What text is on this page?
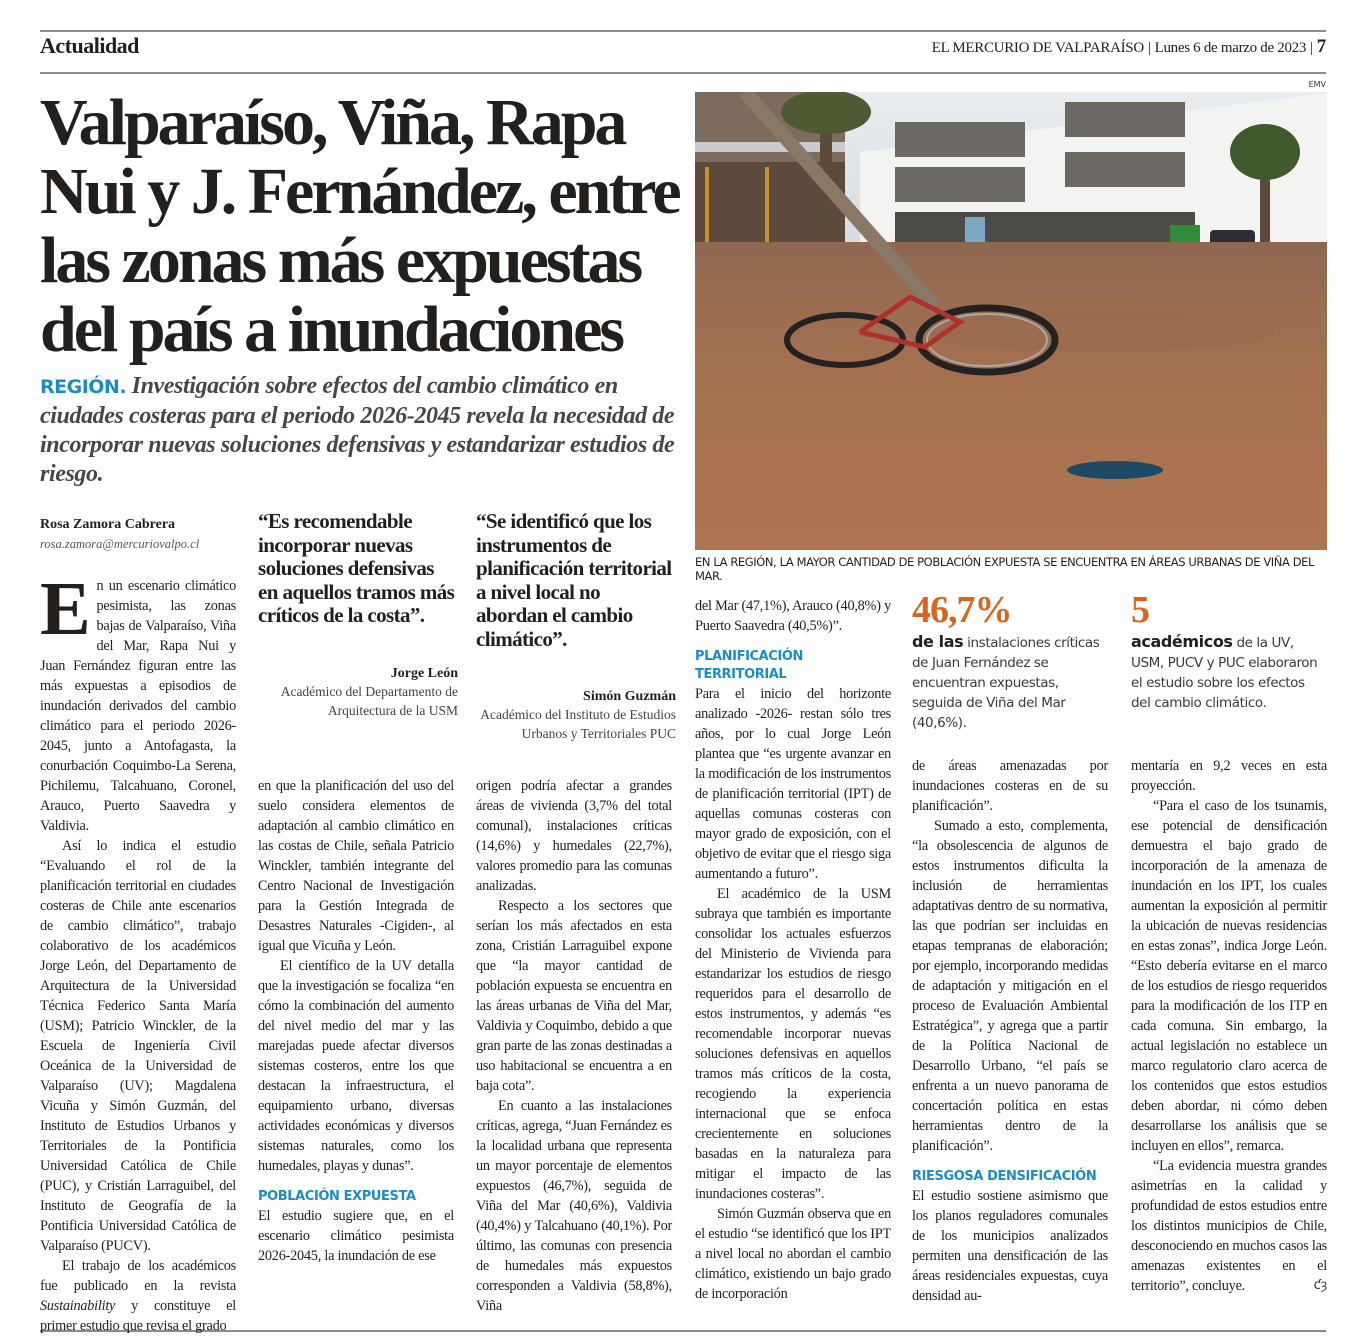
Actualidad	EL MERCURIO DE VALPARAÍSO | Lunes 6 de marzo de 2023 | 7
Valparaíso, Viña, Rapa Nui y J. Fernández, entre las zonas más expuestas del país a inundaciones
REGIÓN. Investigación sobre efectos del cambio climático en ciudades costeras para el periodo 2026-2045 revela la necesidad de incorporar nuevas soluciones defensivas y estandarizar estudios de riesgo.
EMV
EN LA REGIÓN, LA MAYOR CANTIDAD DE POBLACIÓN EXPUESTA SE ENCUENTRA EN ÁREAS URBANAS DE VIÑA DEL MAR.
Rosa Zamora Cabrera
rosa.zamora@mercuriovalpo.cl
“Es recomendable incorporar nuevas soluciones defensivas en aquellos tramos más críticos de la costa”.
Jorge León
Académico del Departamento de Arquitectura de la USM
“Se identificó que los instrumentos de planificación territorial a nivel local no abordan el cambio climático”.
Simón Guzmán
Académico del Instituto de Estudios Urbanos y Territoriales PUC
46,7%
de las instalaciones críticas de Juan Fernández se encuentran expuestas, seguida de Viña del Mar (40,6%).
5
académicos de la UV, USM, PUCV y PUC elaboraron el estudio sobre los efectos del cambio climático.

En un escenario climático pesimista, las zonas bajas de Valparaíso, Viña del Mar, Rapa Nui y Juan Fernández figuran entre las más expuestas a episodios de inundación derivados del cambio climático para el periodo 2026-2045, junto a Antofagasta, la conurbación Coquimbo-La Serena, Pichilemu, Talcahuano, Coronel, Arauco, Puerto Saavedra y Valdivia.

Así lo indica el estudio “Evaluando el rol de la planificación territorial en ciudades costeras de Chile ante escenarios de cambio climático”, trabajo colaborativo de los académicos Jorge León, del Departamento de Arquitectura de la Universidad Técnica Federico Santa María (USM); Patricio Winckler, de la Escuela de Ingeniería Civil Oceánica de la Universidad de Valparaíso (UV); Magdalena Vicuña y Simón Guzmán, del Instituto de Estudios Urbanos y Territoriales de la Pontificia Universidad Católica de Chile (PUC), y Cristián Larraguibel, del Instituto de Geografía de la Pontificia Universidad Católica de Valparaíso (PUCV).

El trabajo de los académicos fue publicado en la revista Sustainability y constituye el primer estudio que revisa el grado

en que la planificación del uso del suelo considera elementos de adaptación al cambio climático en las costas de Chile, señala Patricio Winckler, también integrante del Centro Nacional de Investigación para la Gestión Integrada de Desastres Naturales -Cigiden-, al igual que Vicuña y León.

El científico de la UV detalla que la investigación se focaliza “en cómo la combinación del aumento del nivel medio del mar y las marejadas puede afectar diversos sistemas costeros, entre los que destacan la infraestructura, el equipamiento urbano, diversas actividades económicas y diversos sistemas naturales, como los humedales, playas y dunas”.

POBLACIÓN EXPUESTA

El estudio sugiere que, en el escenario climático pesimista 2026-2045, la inundación de ese

origen podría afectar a grandes áreas de vivienda (3,7% del total comunal), instalaciones críticas (14,6%) y humedales (22,7%), valores promedio para las comunas analizadas.

Respecto a los sectores que serían los más afectados en esta zona, Cristián Larraguibel expone que “la mayor cantidad de población expuesta se encuentra en las áreas urbanas de Viña del Mar, Valdivia y Coquimbo, debido a que gran parte de las zonas destinadas a uso habitacional se encuentra a en baja cota”.

En cuanto a las instalaciones críticas, agrega, “Juan Fernández es la localidad urbana que representa un mayor porcentaje de elementos expuestos (46,7%), seguida de Viña del Mar (40,6%), Valdivia (40,4%) y Talcahuano (40,1%). Por último, las comunas con presencia de humedales más expuestos corresponden a Valdivia (58,8%), Viña

del Mar (47,1%), Arauco (40,8%) y Puerto Saavedra (40,5%)”.

PLANIFICACIÓN TERRITORIAL

Para el inicio del horizonte analizado -2026- restan sólo tres años, por lo cual Jorge León plantea que “es urgente avanzar en la modificación de los instrumentos de planificación territorial (IPT) de aquellas comunas costeras con mayor grado de exposición, con el objetivo de evitar que el riesgo siga aumentando a futuro”.

El académico de la USM subraya que también es importante consolidar los actuales esfuerzos del Ministerio de Vivienda para estandarizar los estudios de riesgo requeridos para el desarrollo de estos instrumentos, y además “es recomendable incorporar nuevas soluciones defensivas en aquellos tramos más críticos de la costa, recogiendo la experiencia internacional que se enfoca crecientemente en soluciones basadas en la naturaleza para mitigar el impacto de las inundaciones costeras”.

Simón Guzmán observa que en el estudio “se identificó que los IPT a nivel local no abordan el cambio climático, existiendo un bajo grado de incorporación

de áreas amenazadas por inundaciones costeras en de su planificación”.

Sumado a esto, complementa, “la obsolescencia de algunos de estos instrumentos dificulta la inclusión de herramientas adaptativas dentro de su normativa, las que podrían ser incluidas en etapas tempranas de elaboración; por ejemplo, incorporando medidas de adaptación y mitigación en el proceso de Evaluación Ambiental Estratégica”, y agrega que a partir de la Política Nacional de Desarrollo Urbano, “el país se enfrenta a un nuevo panorama de concertación política en estas herramientas dentro de la planificación”.

RIESGOSA DENSIFICACIÓN

El estudio sostiene asimismo que los planos reguladores comunales de los municipios analizados permiten una densificación de las áreas residenciales expuestas, cuya densidad au-

mentaría en 9,2 veces en esta proyección.

“Para el caso de los tsunamis, ese potencial de densificación demuestra el bajo grado de incorporación de la amenaza de inundación en los IPT, los cuales aumentan la exposición al permitir la ubicación de nuevas residencias en estas zonas”, indica Jorge León. “Esto debería evitarse en el marco de los estudios de riesgo requeridos para la modificación de los ITP en cada comuna. Sin embargo, la actual legislación no establece un marco regulatorio claro acerca de los contenidos que estos estudios deben abordar, ni cómo deben desarrollarse los análisis que se incluyen en ellos”, remarca.

“La evidencia muestra grandes asimetrías en la calidad y profundidad de estos estudios entre los distintos municipios de Chile, desconociendo en muchos casos las amenazas existentes en el territorio”, concluye.	ƈȝ
